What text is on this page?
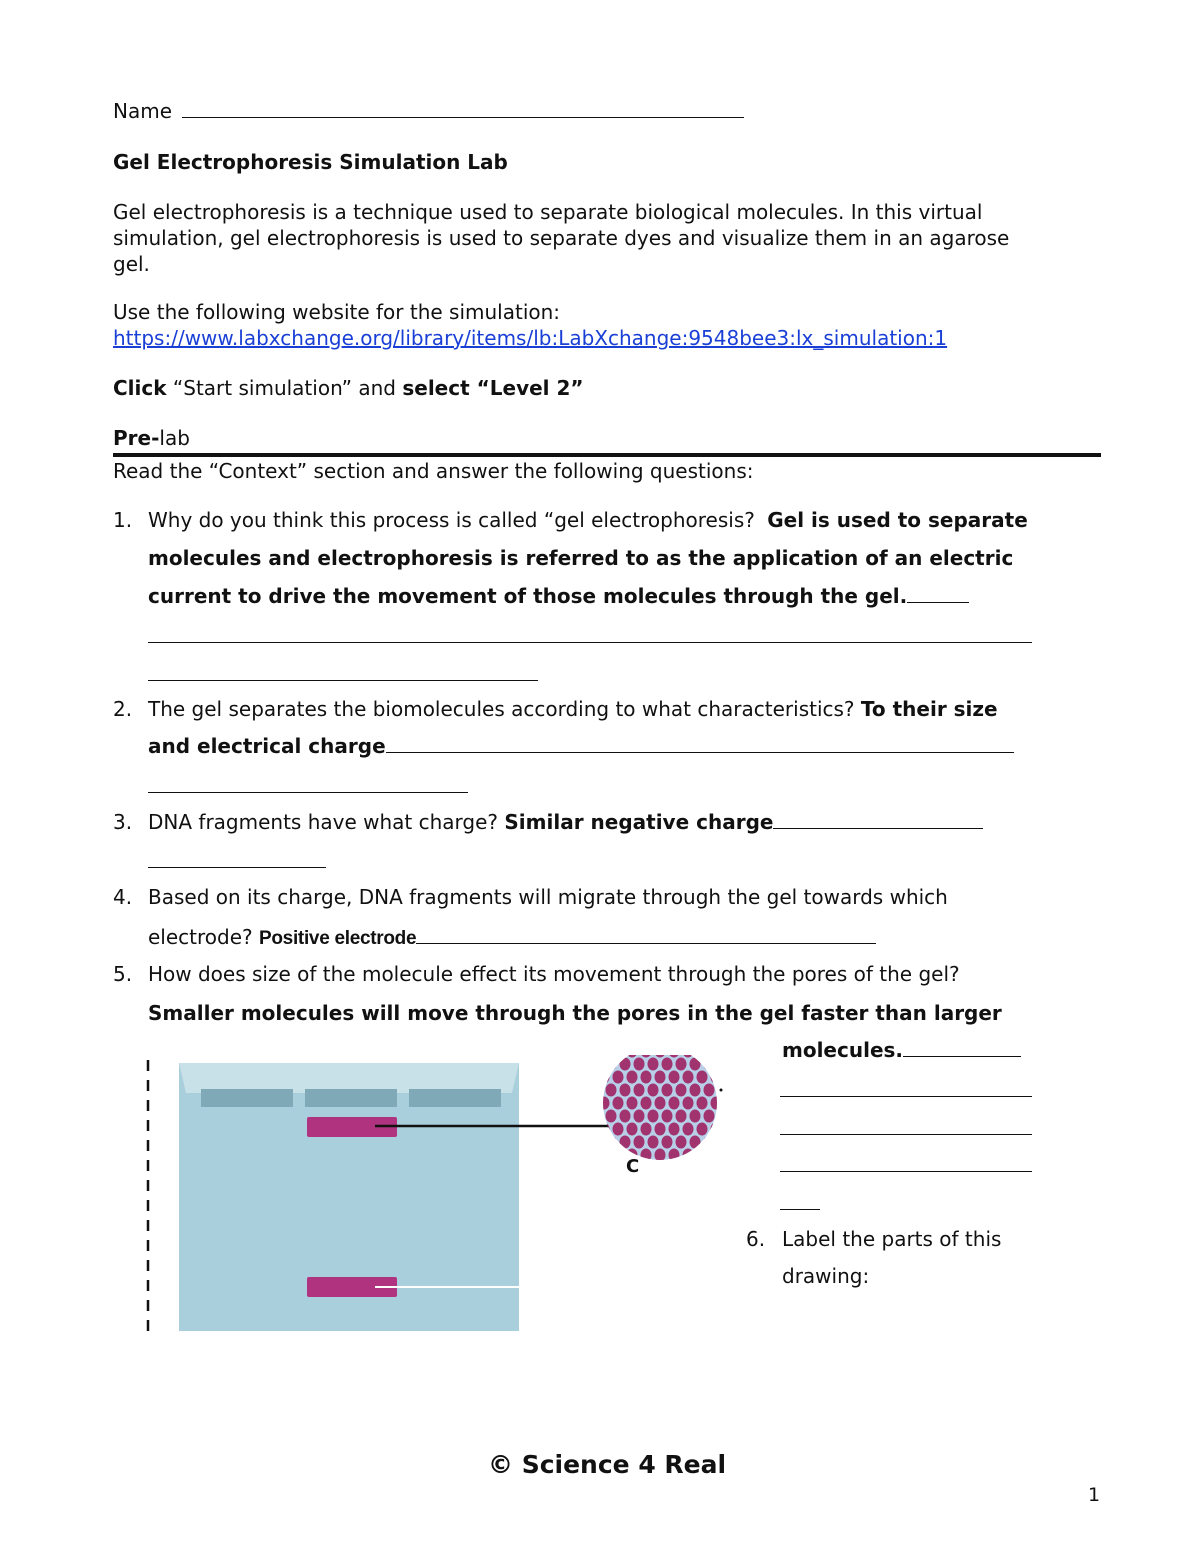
Name
Gel Electrophoresis Simulation Lab
Gel electrophoresis is a technique used to separate biological molecules. In this virtual
simulation, gel electrophoresis is used to separate dyes and visualize them in an agarose
gel.
Use the following website for the simulation:
https://www.labxchange.org/library/items/lb:LabXchange:9548bee3:lx_simulation:1
Click “Start simulation” and select “Level 2”
Pre-lab
Read the “Context” section and answer the following questions:
1. Why do you think this process is called “gel electrophoresis? Gel is used to separate
molecules and electrophoresis is referred to as the application of an electric
current to drive the movement of those molecules through the gel.
2. The gel separates the biomolecules according to what characteristics? To their size
and electrical charge
3. DNA fragments have what charge? Similar negative charge
4. Based on its charge, DNA fragments will migrate through the gel towards which
electrode? Positive electrode
5. How does size of the molecule effect its movement through the pores of the gel?
Smaller molecules will move through the pores in the gel faster than larger
molecules.
6. Label the parts of this
drawing:
C
© Science 4 Real
1
